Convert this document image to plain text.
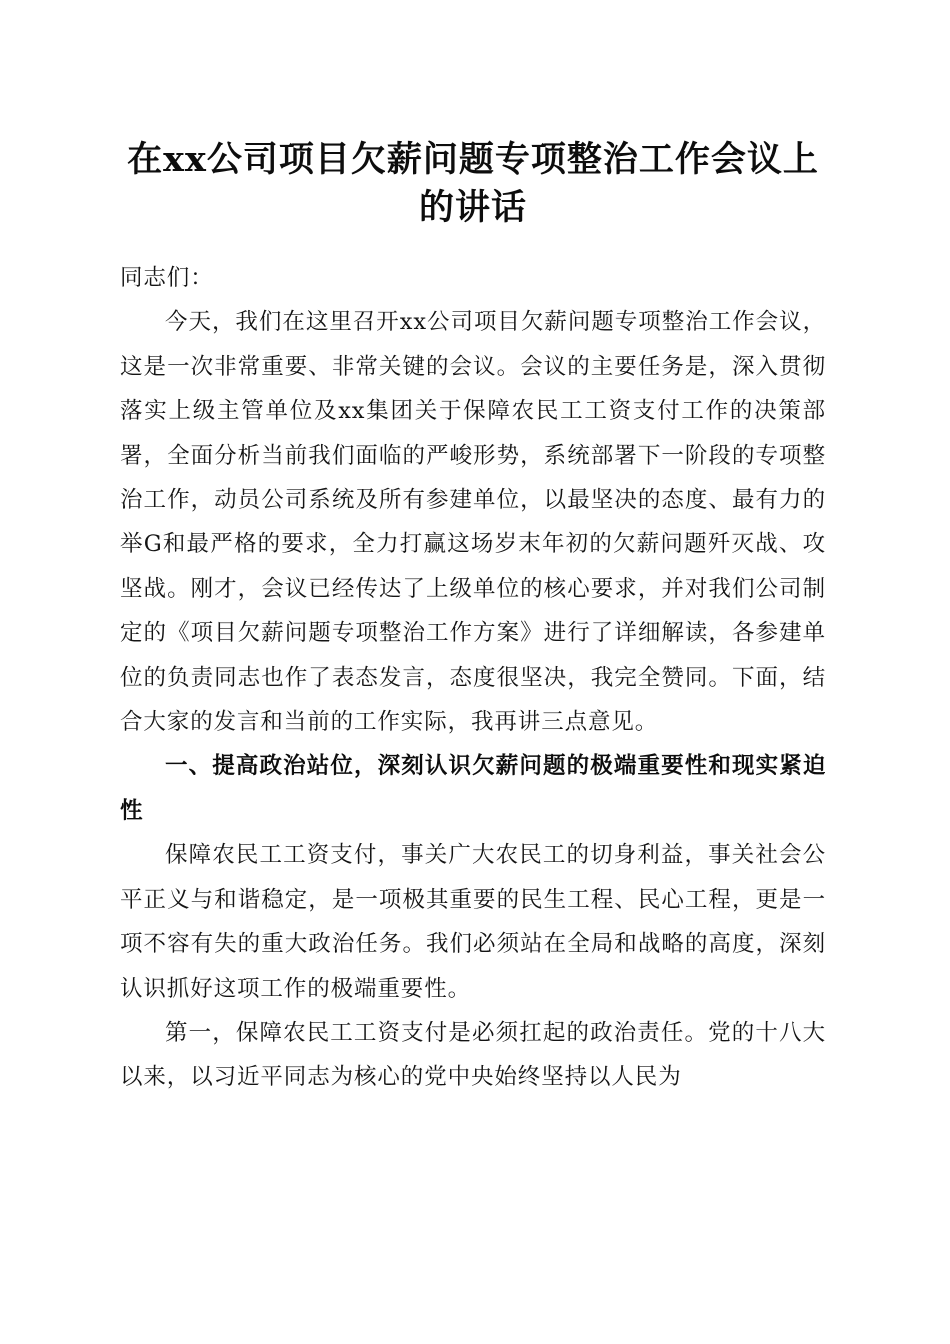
在xx公司项目欠薪问题专项整治工作会议上的讲话

同志们：

今天，我们在这里召开xx公司项目欠薪问题专项整治工作会议，这是一次非常重要、非常关键的会议。会议的主要任务是，深入贯彻落实上级主管单位及xx集团关于保障农民工工资支付工作的决策部署，全面分析当前我们面临的严峻形势，系统部署下一阶段的专项整治工作，动员公司系统及所有参建单位，以最坚决的态度、最有力的举G和最严格的要求，全力打赢这场岁末年初的欠薪问题歼灭战、攻坚战。刚才，会议已经传达了上级单位的核心要求，并对我们公司制定的《项目欠薪问题专项整治工作方案》进行了详细解读，各参建单位的负责同志也作了表态发言，态度很坚决，我完全赞同。下面，结合大家的发言和当前的工作实际，我再讲三点意见。

一、提高政治站位，深刻认识欠薪问题的极端重要性和现实紧迫性

保障农民工工资支付，事关广大农民工的切身利益，事关社会公平正义与和谐稳定，是一项极其重要的民生工程、民心工程，更是一项不容有失的重大政治任务。我们必须站在全局和战略的高度，深刻认识抓好这项工作的极端重要性。

第一，保障农民工工资支付是必须扛起的政治责任。党的十八大以来，以习近平同志为核心的党中央始终坚持以人民为
